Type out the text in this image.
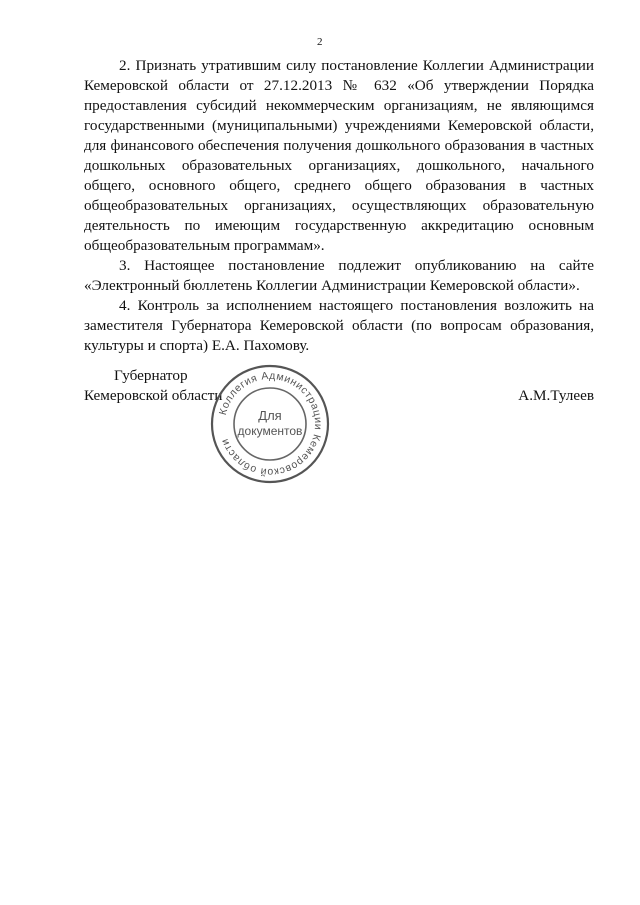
2

2. Признать утратившим силу постановление Коллегии Администрации Кемеровской области от 27.12.2013 № 632 «Об утверждении Порядка предоставления субсидий некоммерческим организациям, не являющимся государственными (муниципальными) учреждениями Кемеровской области, для финансового обеспечения получения дошкольного образования в частных дошкольных образовательных организациях, дошкольного, начального общего, основного общего, среднего общего образования в частных общеобразовательных организациях, осуществляющих образовательную деятельность по имеющим государственную аккредитацию основным общеобразовательным программам».

3. Настоящее постановление подлежит опубликованию на сайте «Электронный бюллетень Коллегии Администрации Кемеровской области».

4. Контроль за исполнением настоящего постановления возложить на заместителя Губернатора Кемеровской области (по вопросам образования, культуры и спорта) Е.А. Пахомову.

Губернатор
Кемеровской области	А.М.Тулеев
Коллегия Администрации Кемеровской области
Для
документов
